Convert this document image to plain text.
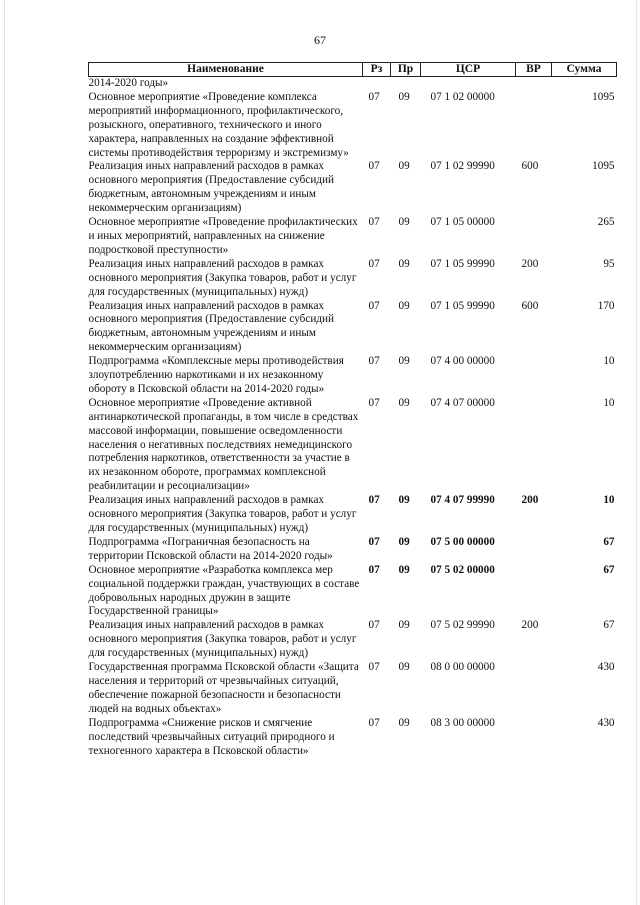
67
Наименование	Рз	Пр	ЦСР	ВР	Сумма
2014-2020 годы»					
Основное мероприятие «Проведение комплекса мероприятий информационного, профилактического, розыскного, оперативного, технического и иного характера, направленных на создание эффективной системы противодействия терроризму и экстремизму»	07	09	07 1 02 00000		1095
Реализация иных направлений расходов в рамках основного мероприятия (Предоставление субсидий бюджетным, автономным учреждениям и иным некоммерческим организациям)	07	09	07 1 02 99990	600	1095
Основное мероприятие «Проведение профилактических и иных мероприятий, направленных на снижение подростковой преступности»	07	09	07 1 05 00000		265
Реализация иных направлений расходов в рамках основного мероприятия (Закупка товаров, работ и услуг для государственных (муниципальных) нужд)	07	09	07 1 05 99990	200	95
Реализация иных направлений расходов в рамках основного мероприятия (Предоставление субсидий бюджетным, автономным учреждениям и иным некоммерческим организациям)	07	09	07 1 05 99990	600	170
Подпрограмма «Комплексные меры противодействия злоупотреблению наркотиками и их незаконному обороту в Псковской области на 2014-2020 годы»	07	09	07 4 00 00000		10
Основное мероприятие «Проведение активной антинаркотической пропаганды, в том числе в средствах массовой информации, повышение осведомленности населения о негативных последствиях немедицинского потребления наркотиков, ответственности за участие в их незаконном обороте, программах комплексной реабилитации и ресоциализации»	07	09	07 4 07 00000		10
Реализация иных направлений расходов в рамках основного мероприятия (Закупка товаров, работ и услуг для государственных (муниципальных) нужд)	07	09	07 4 07 99990	200	10
Подпрограмма «Пограничная безопасность на территории Псковской области на 2014-2020 годы»	07	09	07 5 00 00000		67
Основное мероприятие «Разработка комплекса мер социальной поддержки граждан, участвующих в составе добровольных народных дружин в защите Государственной границы»	07	09	07 5 02 00000		67
Реализация иных направлений расходов в рамках основного мероприятия (Закупка товаров, работ и услуг для государственных (муниципальных) нужд)	07	09	07 5 02 99990	200	67
Государственная программа Псковской области «Защита населения и территорий от чрезвычайных ситуаций, обеспечение пожарной безопасности и безопасности людей на водных объектах»	07	09	08 0 00 00000		430
Подпрограмма «Снижение рисков и смягчение последствий чрезвычайных ситуаций природного и техногенного характера в Псковской области»	07	09	08 3 00 00000		430
